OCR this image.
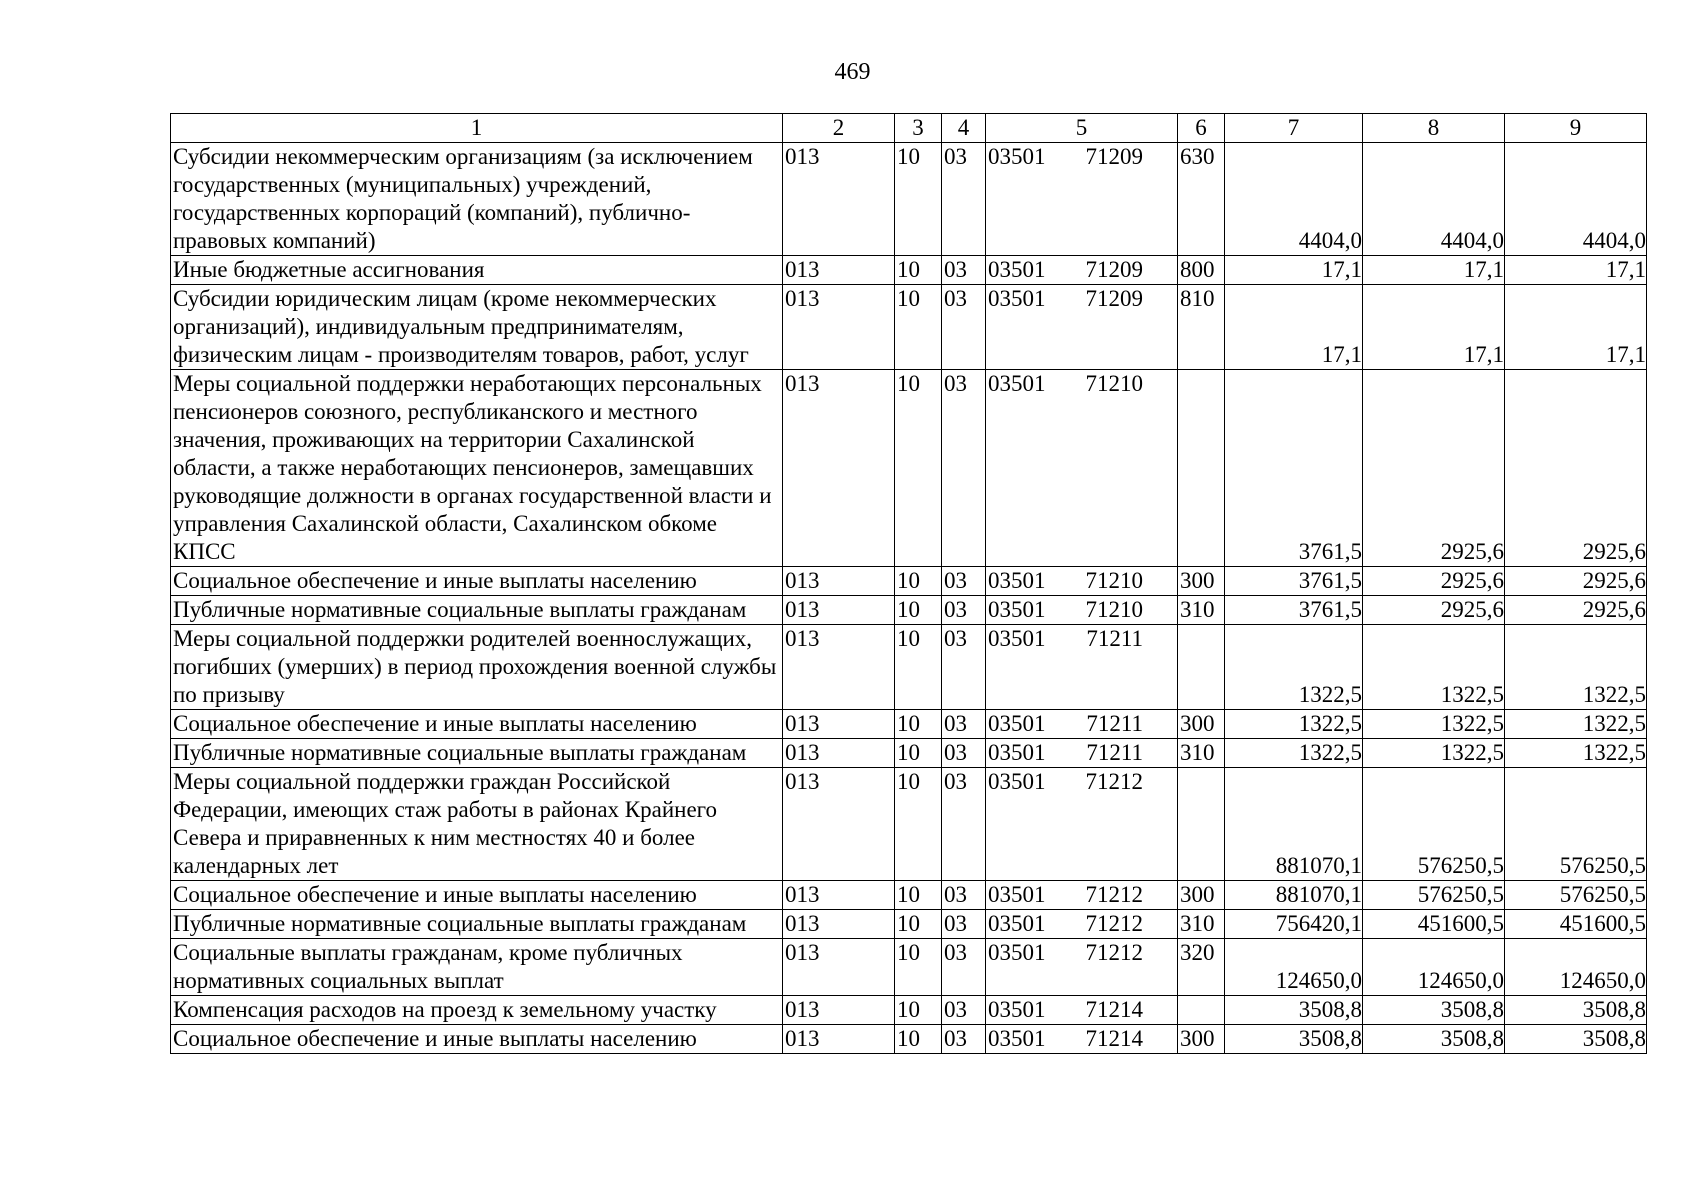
469
1	2	3	4	5	6	7	8	9
Субсидии некоммерческим организациям (за исключением государственных (муниципальных) учреждений, государственных корпораций (компаний), публично-правовых компаний)	013	10	03	03501 71209	630	4404,0	4404,0	4404,0
Иные бюджетные ассигнования	013	10	03	03501 71209	800	17,1	17,1	17,1
Субсидии юридическим лицам (кроме некоммерческих организаций), индивидуальным предпринимателям, физическим лицам - производителям товаров, работ, услуг	013	10	03	03501 71209	810	17,1	17,1	17,1
Меры социальной поддержки неработающих персональных пенсионеров союзного, республиканского и местного значения, проживающих на территории Сахалинской области, а также неработающих пенсионеров, замещавших руководящие должности в органах государственной власти и управления Сахалинской области, Сахалинском обкоме КПСС	013	10	03	03501 71210		3761,5	2925,6	2925,6
Социальное обеспечение и иные выплаты населению	013	10	03	03501 71210	300	3761,5	2925,6	2925,6
Публичные нормативные социальные выплаты гражданам	013	10	03	03501 71210	310	3761,5	2925,6	2925,6
Меры социальной поддержки родителей военнослужащих, погибших (умерших) в период прохождения военной службы по призыву	013	10	03	03501 71211		1322,5	1322,5	1322,5
Социальное обеспечение и иные выплаты населению	013	10	03	03501 71211	300	1322,5	1322,5	1322,5
Публичные нормативные социальные выплаты гражданам	013	10	03	03501 71211	310	1322,5	1322,5	1322,5
Меры социальной поддержки граждан Российской Федерации, имеющих стаж работы в районах Крайнего Севера и приравненных к ним местностях 40 и более календарных лет	013	10	03	03501 71212		881070,1	576250,5	576250,5
Социальное обеспечение и иные выплаты населению	013	10	03	03501 71212	300	881070,1	576250,5	576250,5
Публичные нормативные социальные выплаты гражданам	013	10	03	03501 71212	310	756420,1	451600,5	451600,5
Социальные выплаты гражданам, кроме публичных нормативных социальных выплат	013	10	03	03501 71212	320	124650,0	124650,0	124650,0
Компенсация расходов на проезд к земельному участку	013	10	03	03501 71214		3508,8	3508,8	3508,8
Социальное обеспечение и иные выплаты населению	013	10	03	03501 71214	300	3508,8	3508,8	3508,8
